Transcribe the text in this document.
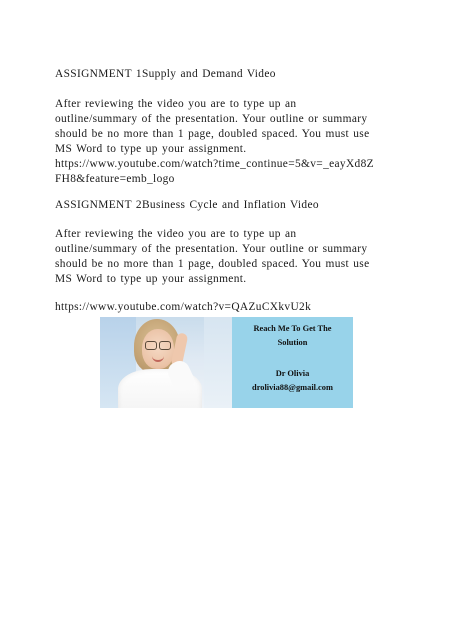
ASSIGNMENT 1Supply and Demand Video

After reviewing the video you are to type up an
outline/summary of the presentation. Your outline or summary
should be no more than 1 page, doubled spaced. You must use
MS Word to type up your assignment.
https://www.youtube.com/watch?time_continue=5&v=_eayXd8Z
FH8&feature=emb_logo

ASSIGNMENT 2Business Cycle and Inflation Video

After reviewing the video you are to type up an
outline/summary of the presentation. Your outline or summary
should be no more than 1 page, doubled spaced. You must use
MS Word to type up your assignment.

https://www.youtube.com/watch?v=QAZuCXkvU2k

Reach Me To Get The
Solution
Dr Olivia
drolivia88@gmail.com
